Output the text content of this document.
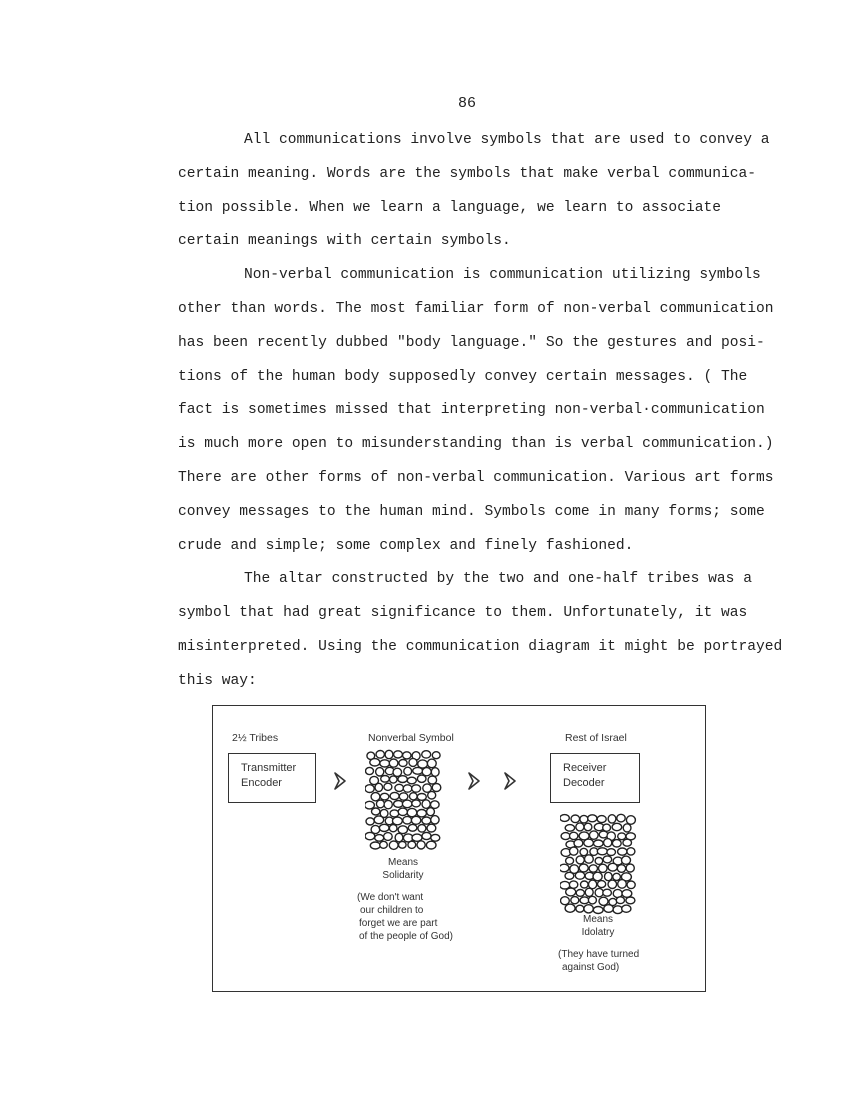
86

All communications involve symbols that are used to convey a certain meaning. Words are the symbols that make verbal communica- tion possible. When we learn a language, we learn to associate certain meanings with certain symbols.

Non-verbal communication is communication utilizing symbols other than words. The most familiar form of non-verbal communication has been recently dubbed "body language." So the gestures and posi- tions of the human body supposedly convey certain messages. ( The fact is sometimes missed that interpreting non-verbal·communication is much more open to misunderstanding than is verbal communication.) There are other forms of non-verbal communication. Various art forms convey messages to the human mind. Symbols come in many forms; some crude and simple; some complex and finely fashioned.

The altar constructed by the two and one-half tribes was a symbol that had great significance to them. Unfortunately, it was misinterpreted. Using the communication diagram it might be portrayed this way:

2½ Tribes	Nonverbal Symbol	Rest of Israel
Transmitter
Encoder
Means
Solidarity
(We don't want
our children to
forget we are part
of the people of God)
Receiver
Decoder
Means
Idolatry
(They have turned
against God)
